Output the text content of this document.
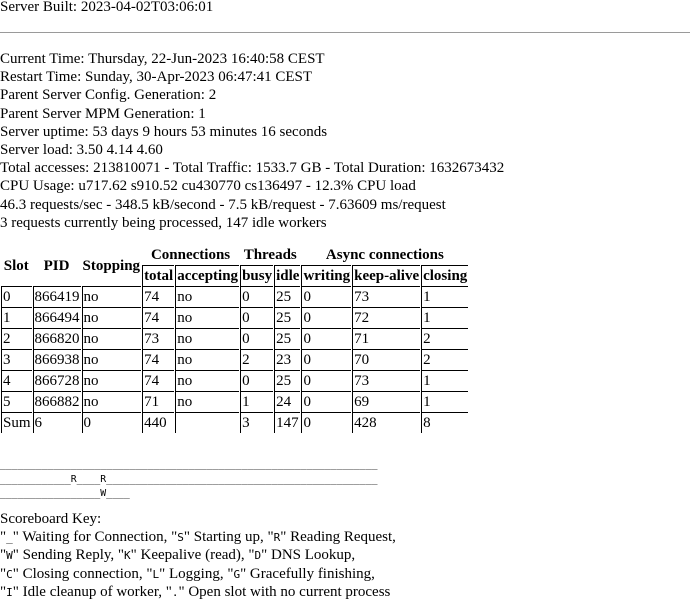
Server Built: 2023-04-02T03:06:01
Current Time: Thursday, 22-Jun-2023 16:40:58 CEST
Restart Time: Sunday, 30-Apr-2023 06:47:41 CEST
Parent Server Config. Generation: 2
Parent Server MPM Generation: 1
Server uptime: 53 days 9 hours 53 minutes 16 seconds
Server load: 3.50 4.14 4.60
Total accesses: 213810071 - Total Traffic: 1533.7 GB - Total Duration: 1632673432
CPU Usage: u717.62 s910.52 cu430770 cs136497 - 12.3% CPU load
46.3 requests/sec - 348.5 kB/second - 7.5 kB/request - 7.63609 ms/request
3 requests currently being processed, 147 idle workers
Slot	PID	Stopping	Connections		Threads		Async connections		
			total	accepting	busy	idle	writing	keep-alive	closing
0	866419	no	74	no	0	25	0	73	1
1	866494	no	74	no	0	25	0	72	1
2	866820	no	73	no	0	25	0	71	2
3	866938	no	74	no	2	23	0	70	2
4	866728	no	74	no	0	25	0	73	1
5	866882	no	71	no	1	24	0	69	1
Sum	6	0	440		3	147	0	428	8
________________________________________________________________
____________R____R______________________________________________
_________________W____
Scoreboard Key:
"_" Waiting for Connection, "S" Starting up, "R" Reading Request,
"W" Sending Reply, "K" Keepalive (read), "D" DNS Lookup,
"C" Closing connection, "L" Logging, "G" Gracefully finishing,
"I" Idle cleanup of worker, "." Open slot with no current process
